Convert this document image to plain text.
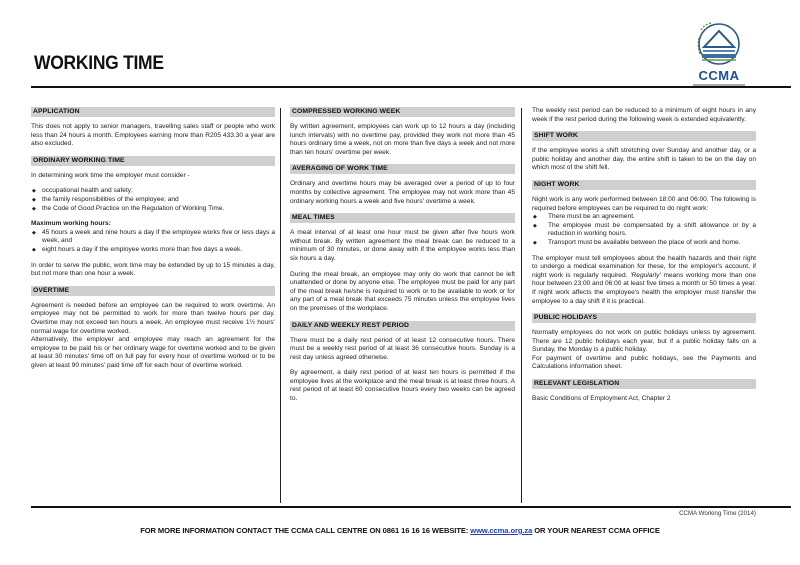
WORKING TIME
CCMA
APPLICATION

This does not apply to senior managers, travelling sales staff or people who work less than 24 hours a month. Employees earning more than R205 433.30 a year are also excluded.

ORDINARY WORKING TIME

In determining work time the employer must consider -

◆ occupational health and safety;
◆ the family responsibilities of the employee; and
◆ the Code of Good Practice on the Regulation of Working Time.
Maximum working hours:
◆ 45 hours a week and nine hours a day if the employee works five or less days a week, and
◆ eight hours a day if the employee works more than five days a week.

In order to serve the public, work time may be extended by up to 15 minutes a day, but not more than one hour a week.

OVERTIME

Agreement is needed before an employee can be required to work overtime. An employee may not be permitted to work for more than twelve hours per day. Overtime may not exceed ten hours a week. An employee must receive 1½ hours' normal wage for overtime worked.

Alternatively, the employer and employee may reach an agreement for the employee to be paid his or her ordinary wage for overtime worked and to be given at least 30 minutes' time off on full pay for every hour of overtime worked or to be given at least 90 minutes' paid time off for each hour of overtime worked.

COMPRESSED WORKING WEEK

By written agreement, employees can work up to 12 hours a day (including lunch intervals) with no overtime pay, provided they work not more than 45 hours ordinary time a week, not on more than five days a week and not more than ten hours' overtime per week.

AVERAGING OF WORK TIME

Ordinary and overtime hours may be averaged over a period of up to four months by collective agreement. The employee may not work more than 45 ordinary working hours a week and five hours' overtime a week.

MEAL TIMES

A meal interval of at least one hour must be given after five hours work without break. By written agreement the meal break can be reduced to a minimum of 30 minutes, or done away with if the employee works less than six hours a day.

During the meal break, an employee may only do work that cannot be left unattended or done by anyone else. The employee must be paid for any part of the meal break he/she is required to work or to be available to work or for any part of a meal break that exceeds 75 minutes unless the employee lives on the premises of the workplace.

DAILY AND WEEKLY REST PERIOD

There must be a daily rest period of at least 12 consecutive hours. There must be a weekly rest period of at least 36 consecutive hours. Sunday is a rest day unless agreed otherwise.

By agreement, a daily rest period of at least ten hours is permitted if the employee lives at the workplace and the meal break is at least three hours. A rest period of at least 60 consecutive hours every two weeks can be agreed to.

The weekly rest period can be reduced to a minimum of eight hours in any week if the rest period during the following week is extended equivalently.

SHIFT WORK

If the employee works a shift stretching over Sunday and another day, or a public holiday and another day, the entire shift is taken to be on the day on which most of the shift fell.

NIGHT WORK

Night work is any work performed between 18:00 and 06:00. The following is required before employees can be required to do night work:

◆ There must be an agreement.
◆ The employee must be compensated by a shift allowance or by a reduction in working hours.
◆ Transport must be available between the place of work and home.

The employer must tell employees about the health hazards and their right to undergo a medical examination for these, for the employer's account, if night work is regularly required. 'Regularly' means working more than one hour between 23:00 and 06:00 at least five times a month or 50 times a year. If night work affects the employee's health the employer must transfer the employee to a day shift if it is practical.

PUBLIC HOLIDAYS

Normally employees do not work on public holidays unless by agreement. There are 12 public holidays each year, but if a public holiday falls on a Sunday, the Monday is a public holiday.

For payment of overtime and public holidays, see the Payments and Calculations information sheet.

RELEVANT LEGISLATION

Basic Conditions of Employment Act, Chapter 2

CCMA Working Time (2014)
FOR MORE INFORMATION CONTACT THE CCMA CALL CENTRE ON 0861 16 16 16 WEBSITE: www.ccma.org.za OR YOUR NEAREST CCMA OFFICE
